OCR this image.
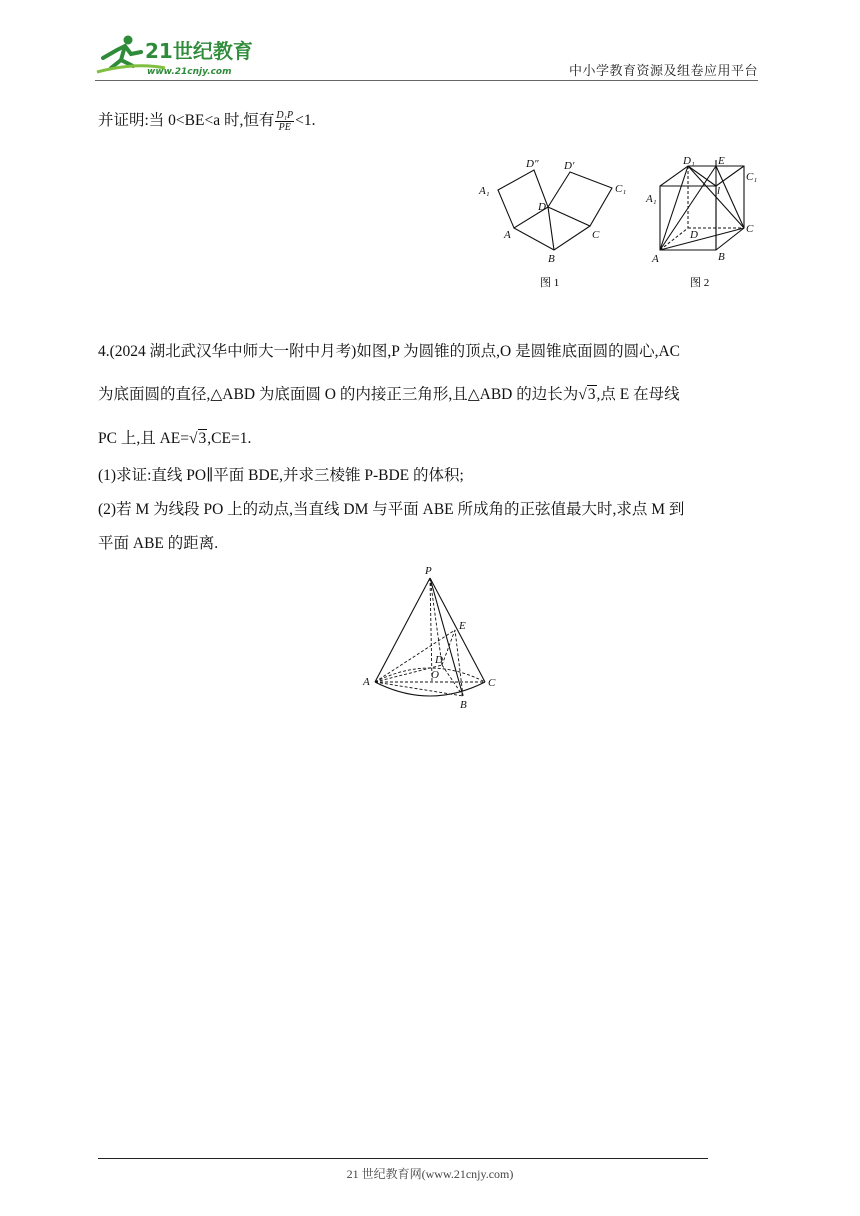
21世纪教育
www.21cnjy.com	中小学教育资源及组卷应用平台
并证明:当 0<BE<a 时,恒有 $\frac{\text{D₁P}}{PE} <1$.
D″ D′
A₁
D
C₁
A	C
B
图 1
D₁ E
C₁
A₁
l
D	C
A	B
图 2
4.(2024 湖北武汉华中师大一附中月考)如图,P 为圆锥的顶点,O 是圆锥底面圆的圆心,AC
为底面圆的直径,△ABD 为底面圆 O 的内接正三角形,且△ABD 的边长为√3,点 E 在母线
PC 上,且 AE=√3,CE=1.
(1)求证:直线 PO∥平面 BDE,并求三棱锥 P-BDE 的体积;
(2)若 M 为线段 PO 上的动点,当直线 DM 与平面 ABE 所成角的正弦值最大时,求点 M 到
平面 ABE 的距离.
P
E
D
O
A	C
B
21 世纪教育网(www.21cnjy.com)
